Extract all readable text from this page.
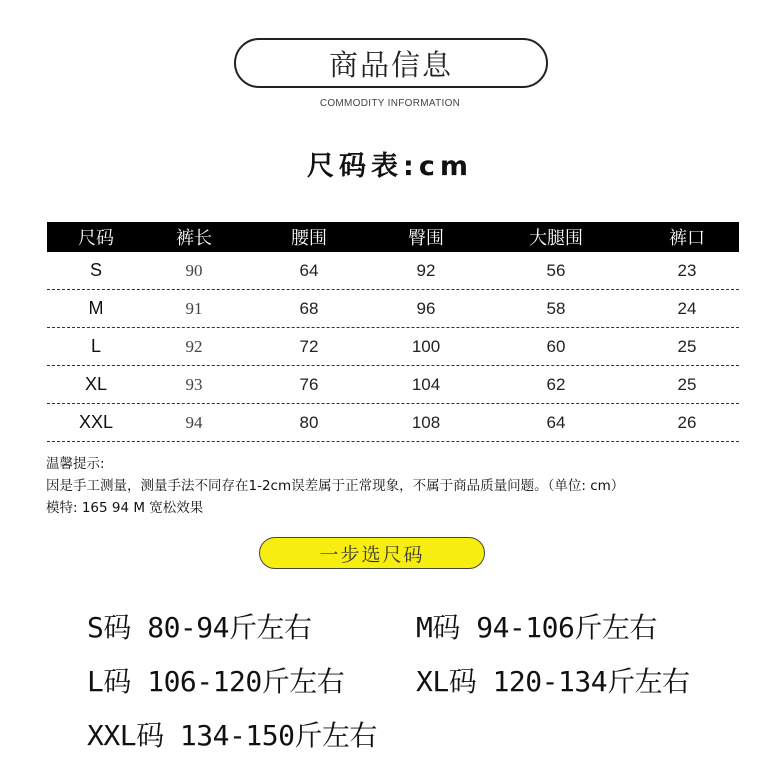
商品信息
COMMODITY INFORMATION
尺码表:cm
尺码	裤长	腰围	臀围	大腿围	裤口
S	90	64	92	56	23
M	91	68	96	58	24
L	92	72	100	60	25
XL	93	76	104	62	25
XXL	94	80	108	64	26
温馨提示:
因是手工测量，测量手法不同存在1-2cm误差属于正常现象，不属于商品质量问题。（单位: cm）
模特: 165 94 M 宽松效果
一步选尺码
S码 80-94斤左右	M码 94-106斤左右
L码 106-120斤左右	XL码 120-134斤左右
XXL码 134-150斤左右
